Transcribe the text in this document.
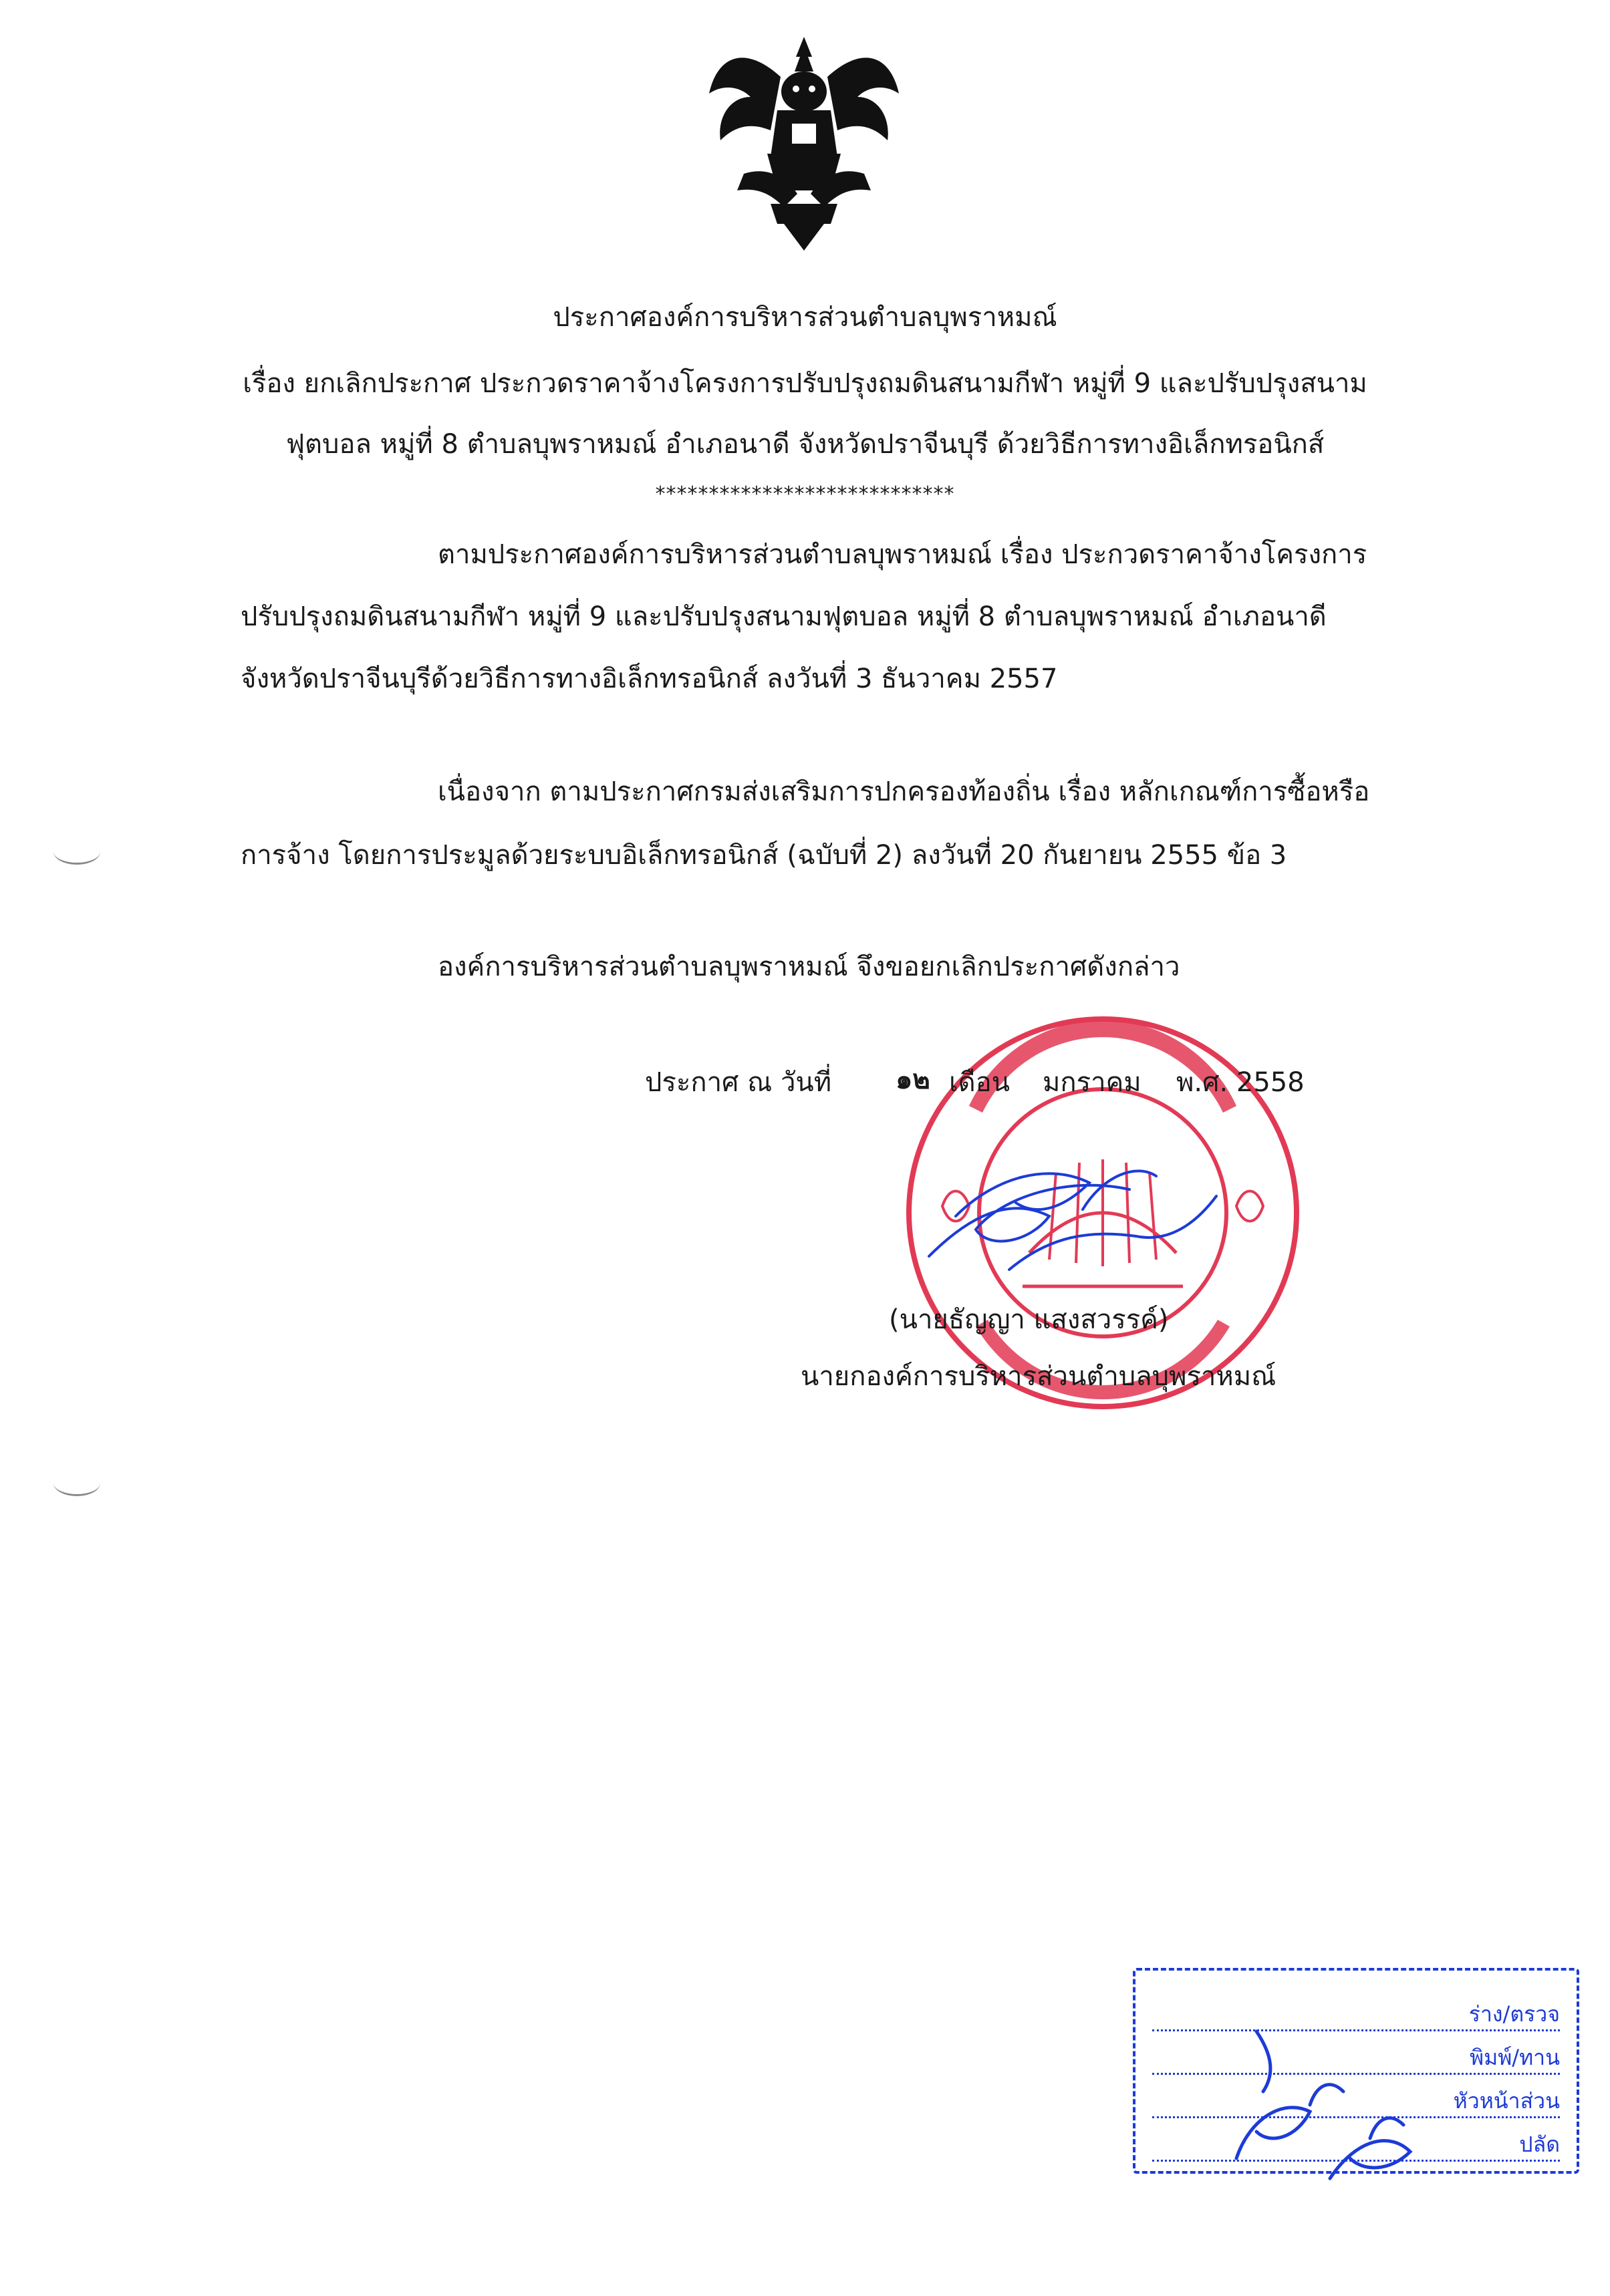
ประกาศองค์การบริหารส่วนตำบลบุพราหมณ์
เรื่อง ยกเลิกประกาศ ประกวดราคาจ้างโครงการปรับปรุงถมดินสนามกีฬา หมู่ที่ 9 และปรับปรุงสนาม
ฟุตบอล หมู่ที่ 8 ตำบลบุพราหมณ์ อำเภอนาดี จังหวัดปราจีนบุรี ด้วยวิธีการทางอิเล็กทรอนิกส์
****************************
ตามประกาศองค์การบริหารส่วนตำบลบุพราหมณ์ เรื่อง ประกวดราคาจ้างโครงการ
ปรับปรุงถมดินสนามกีฬา หมู่ที่ 9 และปรับปรุงสนามฟุตบอล หมู่ที่ 8 ตำบลบุพราหมณ์ อำเภอนาดี
จังหวัดปราจีนบุรีด้วยวิธีการทางอิเล็กทรอนิกส์ ลงวันที่ 3 ธันวาคม 2557
เนื่องจาก ตามประกาศกรมส่งเสริมการปกครองท้องถิ่น เรื่อง หลักเกณฑ์การซื้อหรือ
การจ้าง โดยการประมูลด้วยระบบอิเล็กทรอนิกส์ (ฉบับที่ 2) ลงวันที่ 20 กันยายน 2555 ข้อ 3
องค์การบริหารส่วนตำบลบุพราหมณ์ จึงขอยกเลิกประกาศดังกล่าว
ประกาศ ณ วันที่ ๑๒ เดือน มกราคม พ.ศ. 2558
(นายธัญญา แสงสวรรค์)
นายกองค์การบริหารส่วนตำบลบุพราหมณ์
ร่าง/ตรวจ
พิมพ์/ทาน
หัวหน้าส่วน
ปลัด
